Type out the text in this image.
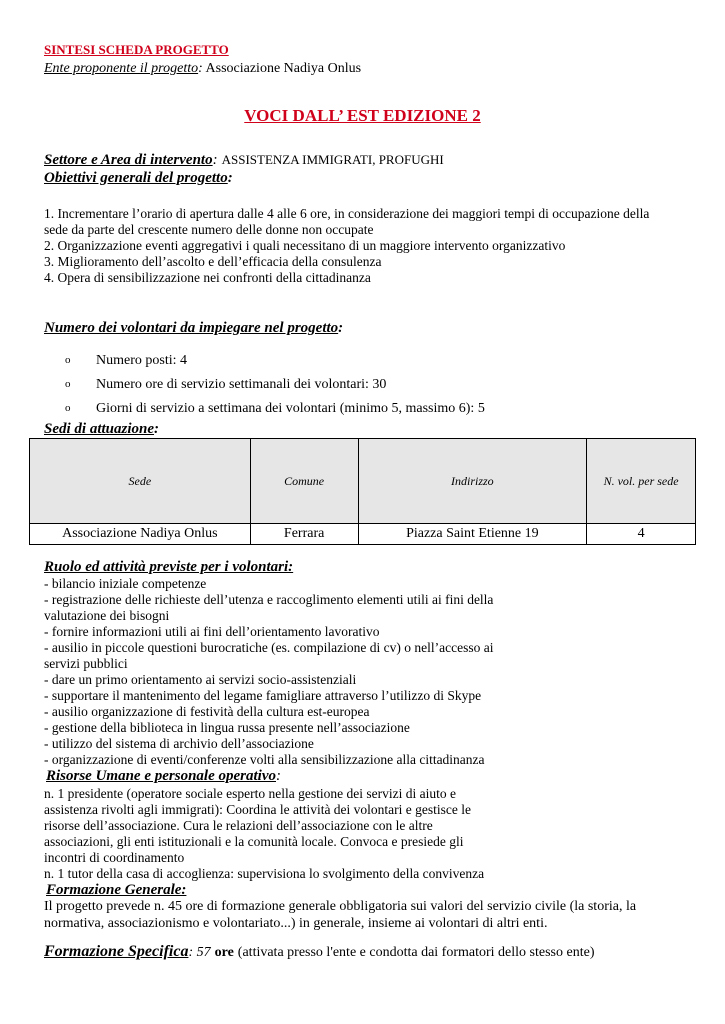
SINTESI SCHEDA PROGETTO
Ente proponente il progetto: Associazione Nadiya Onlus
VOCI DALL’ EST EDIZIONE 2
Settore e Area di intervento: ASSISTENZA IMMIGRATI, PROFUGHI
Obiettivi generali del progetto:
1. Incrementare l’orario di apertura dalle 4 alle 6 ore, in considerazione dei maggiori tempi di occupazione della
sede da parte del crescente numero delle donne non occupate
2. Organizzazione eventi aggregativi i quali necessitano di un maggiore intervento organizzativo
3. Miglioramento dell’ascolto e dell’efficacia della consulenza
4. Opera di sensibilizzazione nei confronti della cittadinanza
Numero dei volontari da impiegare nel progetto:
o Numero posti: 4
o Numero ore di servizio settimanali dei volontari: 30
o Giorni di servizio a settimana dei volontari (minimo 5, massimo 6): 5
Sedi di attuazione:
Sede	Comune	Indirizzo	N. vol. per sede
Associazione Nadiya Onlus	Ferrara	Piazza Saint Etienne 19	4
Ruolo ed attività previste per i volontari:
- bilancio iniziale competenze
- registrazione delle richieste dell’utenza e raccoglimento elementi utili ai fini della
valutazione dei bisogni
- fornire informazioni utili ai fini dell’orientamento lavorativo
- ausilio in piccole questioni burocratiche (es. compilazione di cv) o nell’accesso ai
servizi pubblici
- dare un primo orientamento ai servizi socio-assistenziali
- supportare il mantenimento del legame famigliare attraverso l’utilizzo di Skype
- ausilio organizzazione di festività della cultura est-europea
- gestione della biblioteca in lingua russa presente nell’associazione
- utilizzo del sistema di archivio dell’associazione
- organizzazione di eventi/conferenze volti alla sensibilizzazione alla cittadinanza
Risorse Umane e personale operativo:
n. 1 presidente (operatore sociale esperto nella gestione dei servizi di aiuto e
assistenza rivolti agli immigrati): Coordina le attività dei volontari e gestisce le
risorse dell’associazione. Cura le relazioni dell’associazione con le altre
associazioni, gli enti istituzionali e la comunità locale. Convoca e presiede gli
incontri di coordinamento
n. 1 tutor della casa di accoglienza: supervisiona lo svolgimento della convivenza
Formazione Generale:
Il progetto prevede n. 45 ore di formazione generale obbligatoria sui valori del servizio civile (la storia, la
normativa, associazionismo e volontariato...) in generale, insieme ai volontari di altri enti.
Formazione Specifica: 57 ore (attivata presso l'ente e condotta dai formatori dello stesso ente)
